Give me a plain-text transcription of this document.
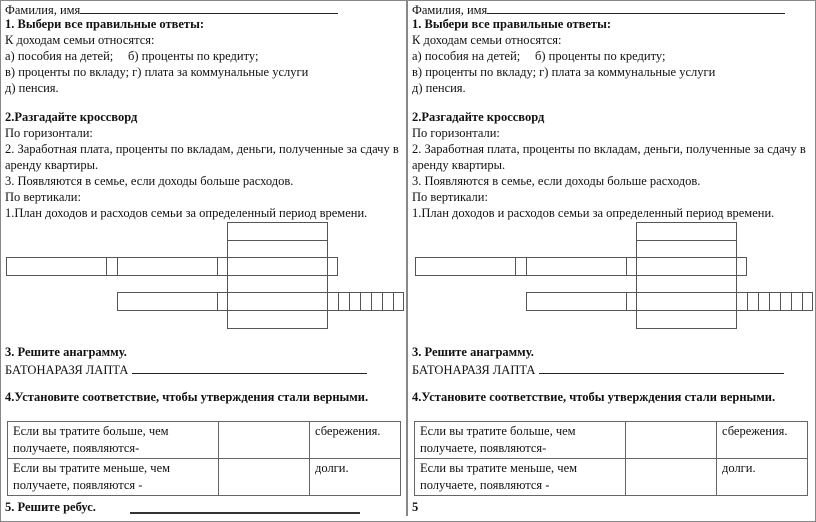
Фамилия, имя
1. Выбери все правильные ответы:
К доходам семьи относятся:
а) пособия на детей; б) проценты по кредиту;
в) проценты по вкладу; г) плата за коммунальные услуги
д) пенсия.
2.Разгадайте кроссворд
По горизонтали:
2. Заработная плата, проценты по вкладам, деньги, полученные за сдачу в
аренду квартиры.
3. Появляются в семье, если доходы больше расходов.
По вертикали:
1.План доходов и расходов семьи за определенный период времени.
3. Решите анаграмму.
БАТОНАРАЗЯ ЛАПТА
4.Установите соответствие, чтобы утверждения стали верными.
Если вы тратите больше, чем
получаете, появляются-		сбережения.
Если вы тратите меньше, чем
получаете, появляются -		долги.
5. Решите ребус.
Фамилия, имя
1. Выбери все правильные ответы:
К доходам семьи относятся:
а) пособия на детей; б) проценты по кредиту;
в) проценты по вкладу; г) плата за коммунальные услуги
д) пенсия.
2.Разгадайте кроссворд
По горизонтали:
2. Заработная плата, проценты по вкладам, деньги, полученные за сдачу в
аренду квартиры.
3. Появляются в семье, если доходы больше расходов.
По вертикали:
1.План доходов и расходов семьи за определенный период времени.
3. Решите анаграмму.
БАТОНАРАЗЯ ЛАПТА
4.Установите соответствие, чтобы утверждения стали верными.
Если вы тратите больше, чем
получаете, появляются-		сбережения.
Если вы тратите меньше, чем
получаете, появляются -		долги.
5
